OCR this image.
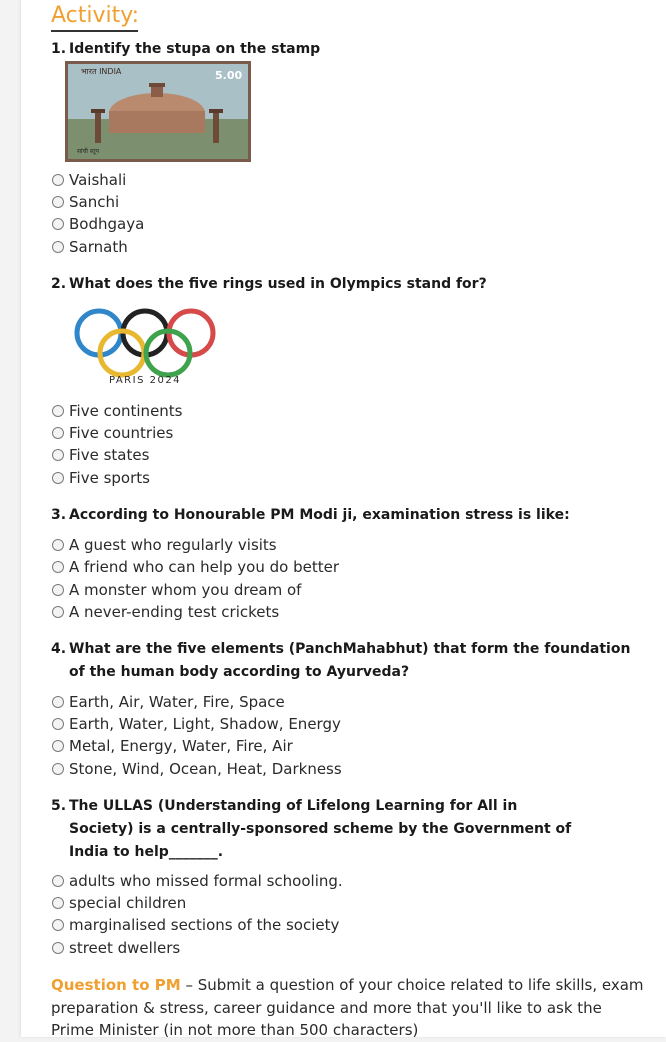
Activity:
1. Identify the stupa on the stamp
भारत INDIA	5.00
सांची स्तूप
Vaishali
Sanchi
Bodhgaya
Sarnath
2. What does the five rings used in Olympics stand for?
PARIS 2024
Five continents
Five countries
Five states
Five sports
3. According to Honourable PM Modi ji, examination stress is like:
A guest who regularly visits
A friend who can help you do better
A monster whom you dream of
A never-ending test crickets
4. What are the five elements (PanchMahabhut) that form the foundation of the human body according to Ayurveda?
Earth, Air, Water, Fire, Space
Earth, Water, Light, Shadow, Energy
Metal, Energy, Water, Fire, Air
Stone, Wind, Ocean, Heat, Darkness
5. The ULLAS (Understanding of Lifelong Learning for All in Society) is a centrally-sponsored scheme by the Government of India to help_______.
adults who missed formal schooling.
special children
marginalised sections of the society
street dwellers
Question to PM – Submit a question of your choice related to life skills, exam preparation & stress, career guidance and more that you'll like to ask the Prime Minister (in not more than 500 characters)
